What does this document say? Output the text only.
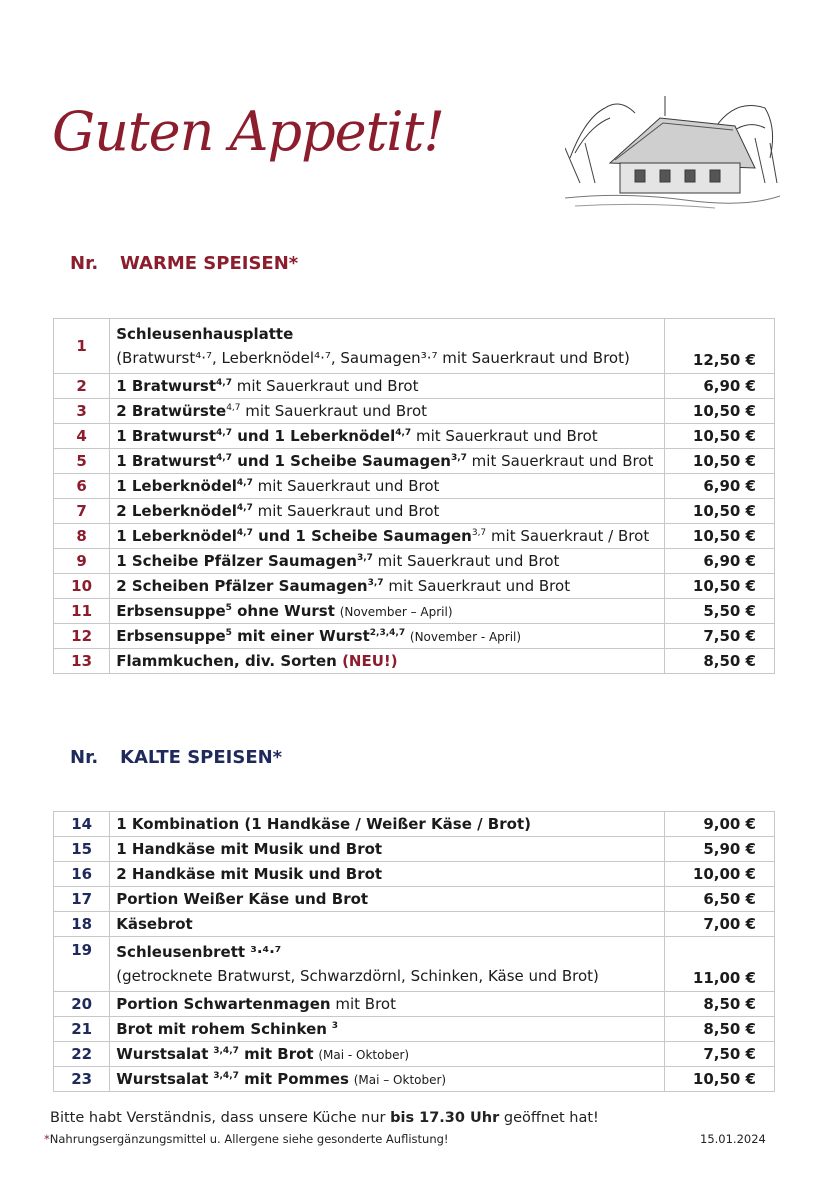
Guten Appetit!
Nr.	WARME SPEISEN*
1	Schleusenhausplatte
(Bratwurst⁴·⁷, Leberknödel⁴·⁷, Saumagen³·⁷ mit Sauerkraut und Brot)	12,50 €
2	1 Bratwurst$^{4,7}$ mit Sauerkraut und Brot	6,90 €
3	2 Bratwürste$^{4,7}$ mit Sauerkraut und Brot	10,50 €
4	1 Bratwurst$^{4,7}$ und 1 Leberknödel$^{4,7}$ mit Sauerkraut und Brot	10,50 €
5	1 Bratwurst$^{4,7}$ und 1 Scheibe Saumagen$^{3,7}$ mit Sauerkraut und Brot	10,50 €
6	1 Leberknödel$^{4,7}$ mit Sauerkraut und Brot	6,90 €
7	2 Leberknödel$^{4,7}$ mit Sauerkraut und Brot	10,50 €
8	1 Leberknödel$^{4,7}$ und 1 Scheibe Saumagen$^{3,7}$ mit Sauerkraut / Brot	10,50 €
9	1 Scheibe Pfälzer Saumagen$^{3,7}$ mit Sauerkraut und Brot	6,90 €
10	2 Scheiben Pfälzer Saumagen$^{3,7}$ mit Sauerkraut und Brot	10,50 €
11	Erbsensuppe$^5$ ohne Wurst (November – April)	5,50 €
12	Erbsensuppe$^5$ mit einer Wurst$^{2,3,4,7}$ (November - April)	7,50 €
13	Flammkuchen, div. Sorten (NEU!)	8,50 €
Nr.	KALTE SPEISEN*
14	1 Kombination (1 Handkäse / Weißer Käse / Brot)	9,00 €
15	1 Handkäse mit Musik und Brot	5,90 €
16	2 Handkäse mit Musik und Brot	10,00 €
17	Portion Weißer Käse und Brot	6,50 €
18	Käsebrot	7,00 €
19	Schleusenbrett ³·⁴·⁷
(getrocknete Bratwurst, Schwarzdörnl, Schinken, Käse und Brot)	11,00 €
20	Portion Schwartenmagen mit Brot	8,50 €
21	Brot mit rohem Schinken $^3$	8,50 €
22	Wurstsalat $^{3,4,7}$ mit Brot (Mai - Oktober)	7,50 €
23	Wurstsalat $^{3,4,7}$ mit Pommes (Mai – Oktober)	10,50 €
Bitte habt Verständnis, dass unsere Küche nur bis 17.30 Uhr geöffnet hat!
*Nahrungsergänzungsmittel u. Allergene siehe gesonderte Auflistung!	15.01.2024
